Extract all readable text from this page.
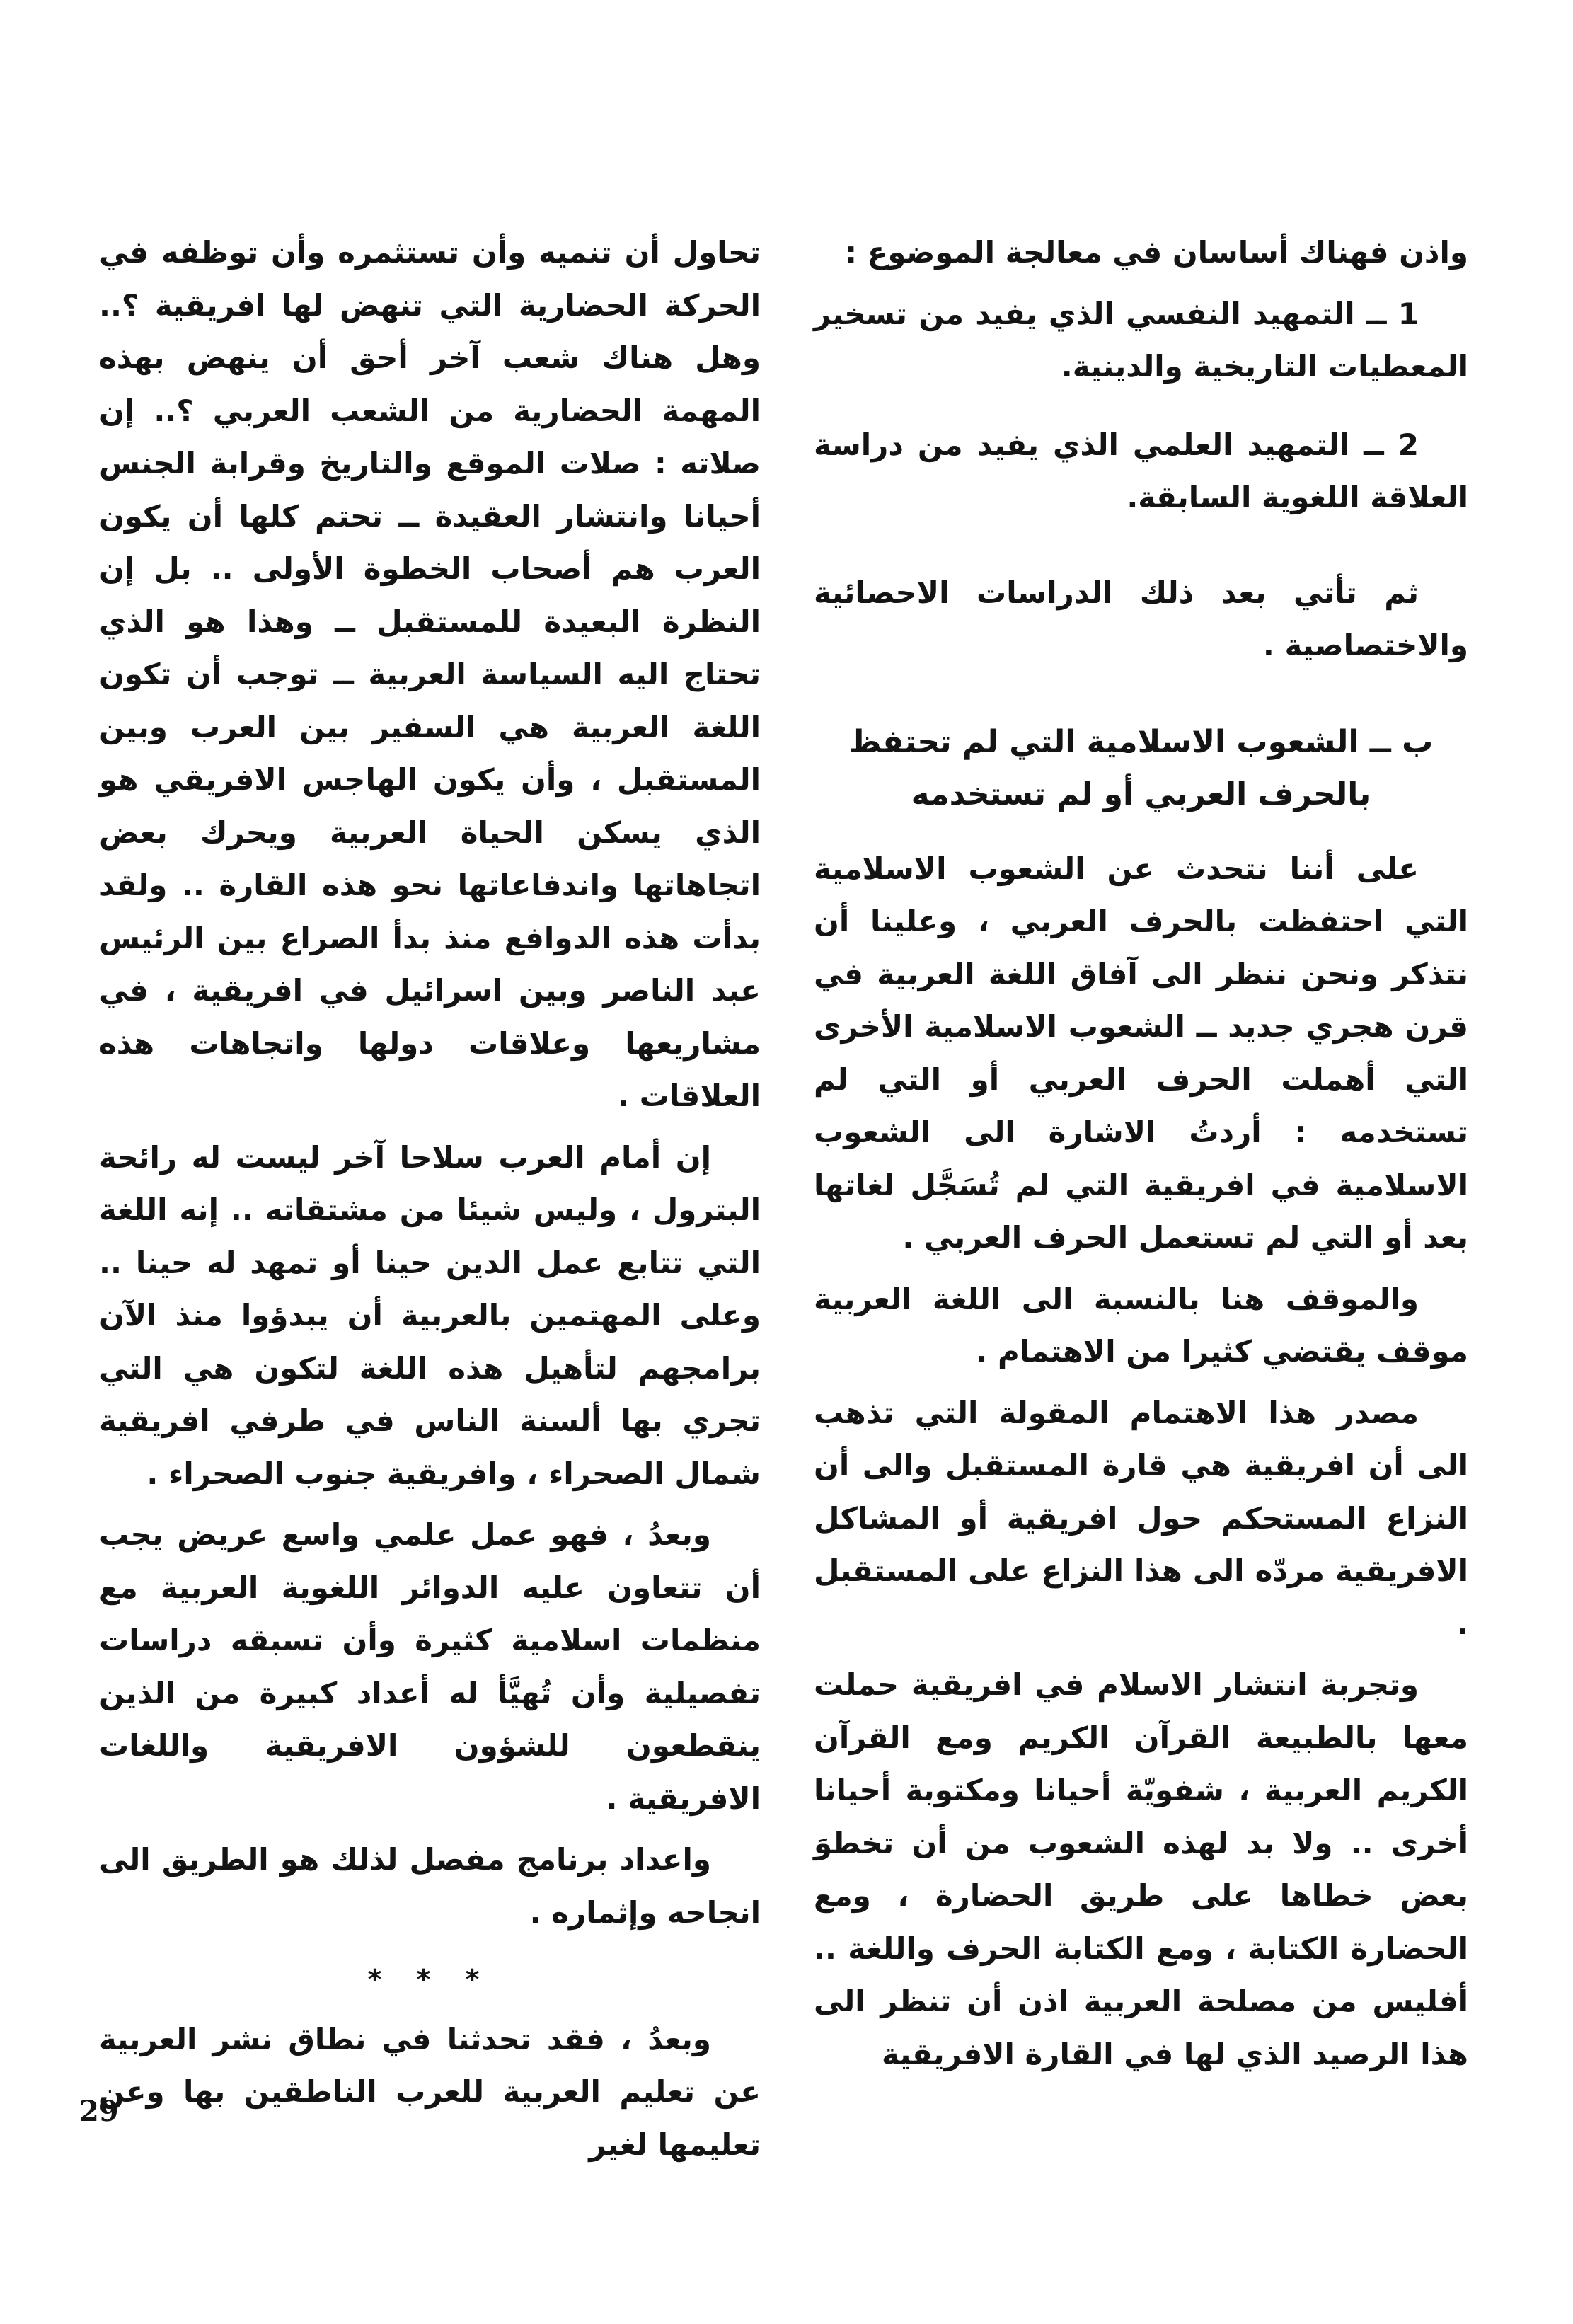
واذن فهناك أساسان في معالجة الموضوع :

1 ــ التمهيد النفسي الذي يفيد من تسخير المعطيات التاريخية والدينية.

2 ــ التمهيد العلمي الذي يفيد من دراسة العلاقة اللغوية السابقة.

ثم تأتي بعد ذلك الدراسات الاحصائية والاختصاصية .

ب ــ الشعوب الاسلامية التي لم تحتفظ بالحرف العربي أو لم تستخدمه

على أننا نتحدث عن الشعوب الاسلامية التي احتفظت بالحرف العربي ، وعلينا أن نتذكر ونحن ننظر الى آفاق اللغة العربية في قرن هجري جديد ــ الشعوب الاسلامية الأخرى التي أهملت الحرف العربي أو التي لم تستخدمه : أردتُ الاشارة الى الشعوب الاسلامية في افريقية التي لم تُسَجَّل لغاتها بعد أو التي لم تستعمل الحرف العربي .

والموقف هنا بالنسبة الى اللغة العربية موقف يقتضي كثيرا من الاهتمام .

مصدر هذا الاهتمام المقولة التي تذهب الى أن افريقية هي قارة المستقبل والى أن النزاع المستحكم حول افريقية أو المشاكل الافريقية مردّه الى هذا النزاع على المستقبل .

وتجربة انتشار الاسلام في افريقية حملت معها بالطبيعة القرآن الكريم ومع القرآن الكريم العربية ، شفويّة أحيانا ومكتوبة أحيانا أخرى .. ولا بد لهذه الشعوب من أن تخطوَ بعض خطاها على طريق الحضارة ، ومع الحضارة الكتابة ، ومع الكتابة الحرف واللغة .. أفليس من مصلحة العربية اذن أن تنظر الى هذا الرصيد الذي لها في القارة الافريقية

تحاول أن تنميه وأن تستثمره وأن توظفه في الحركة الحضارية التي تنهض لها افريقية ؟.. وهل هناك شعب آخر أحق أن ينهض بهذه المهمة الحضارية من الشعب العربي ؟.. إن صلاته : صلات الموقع والتاريخ وقرابة الجنس أحيانا وانتشار العقيدة ــ تحتم كلها أن يكون العرب هم أصحاب الخطوة الأولى .. بل إن النظرة البعيدة للمستقبل ــ وهذا هو الذي تحتاج اليه السياسة العربية ــ توجب أن تكون اللغة العربية هي السفير بين العرب وبين المستقبل ، وأن يكون الهاجس الافريقي هو الذي يسكن الحياة العربية ويحرك بعض اتجاهاتها واندفاعاتها نحو هذه القارة .. ولقد بدأت هذه الدوافع منذ بدأ الصراع بين الرئيس عبد الناصر وبين اسرائيل في افريقية ، في مشاريعها وعلاقات دولها واتجاهات هذه العلاقات .

إن أمام العرب سلاحا آخر ليست له رائحة البترول ، وليس شيئا من مشتقاته .. إنه اللغة التي تتابع عمل الدين حينا أو تمهد له حينا .. وعلى المهتمين بالعربية أن يبدؤوا منذ الآن برامجهم لتأهيل هذه اللغة لتكون هي التي تجري بها ألسنة الناس في طرفي افريقية شمال الصحراء ، وافريقية جنوب الصحراء .

وبعدُ ، فهو عمل علمي واسع عريض يجب أن تتعاون عليه الدوائر اللغوية العربية مع منظمات اسلامية كثيرة وأن تسبقه دراسات تفصيلية وأن تُهيَّأ له أعداد كبيرة من الذين ينقطعون للشؤون الافريقية واللغات الافريقية .

واعداد برنامج مفصل لذلك هو الطريق الى انجاحه وإثماره .

* * *

وبعدُ ، فقد تحدثنا في نطاق نشر العربية عن تعليم العربية للعرب الناطقين بها وعن تعليمها لغير

29
